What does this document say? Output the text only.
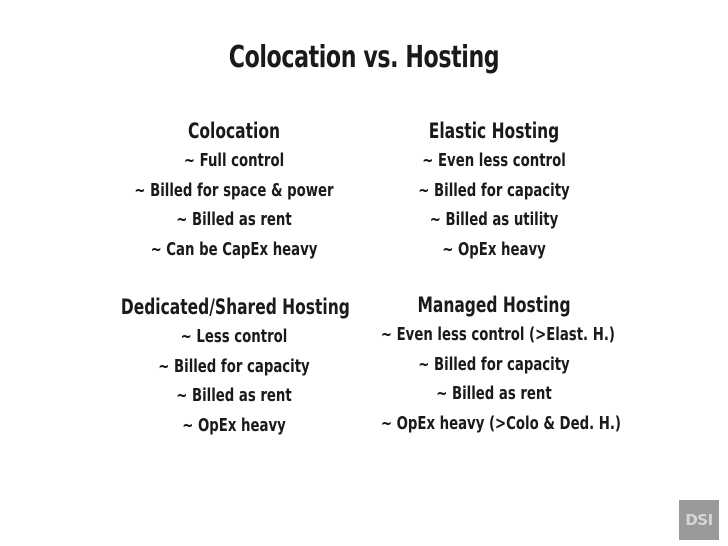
Colocation vs. Hosting
Colocation
~ Full control
~ Billed for space & power
~ Billed as rent
~ Can be CapEx heavy
Elastic Hosting
~ Even less control
~ Billed for capacity
~ Billed as utility
~ OpEx heavy
Dedicated/Shared Hosting
~ Less control
~ Billed for capacity
~ Billed as rent
~ OpEx heavy
Managed Hosting
~ Even less control (>Elast. H.)
~ Billed for capacity
~ Billed as rent
~ OpEx heavy (>Colo & Ded. H.)
DSI
